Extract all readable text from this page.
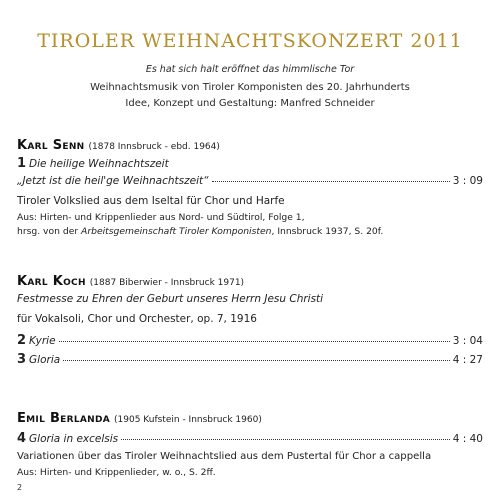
TIROLER WEIHNACHTSKONZERT 2011
Es hat sich halt eröffnet das himmlische Tor
Weihnachtsmusik von Tiroler Komponisten des 20. Jahrhunderts
Idee, Konzept und Gestaltung: Manfred Schneider
Karl Senn (1878 Innsbruck - ebd. 1964)
1 Die heilige Weihnachtszeit
„Jetzt ist die heil'ge Weihnachtszeit“	3 : 09
Tiroler Volkslied aus dem Iseltal für Chor und Harfe
Aus: Hirten- und Krippenlieder aus Nord- und Südtirol, Folge 1,
hrsg. von der Arbeitsgemeinschaft Tiroler Komponisten, Innsbruck 1937, S. 20f.
Karl Koch (1887 Biberwier - Innsbruck 1971)
Festmesse zu Ehren der Geburt unseres Herrn Jesu Christi
für Vokalsoli, Chor und Orchester, op. 7, 1916
2 Kyrie	3 : 04
3 Gloria	4 : 27
Emil Berlanda (1905 Kufstein - Innsbruck 1960)
4 Gloria in excelsis	4 : 40
Variationen über das Tiroler Weihnachtslied aus dem Pustertal für Chor a cappella
Aus: Hirten- und Krippenlieder, w. o., S. 2ff.
2
